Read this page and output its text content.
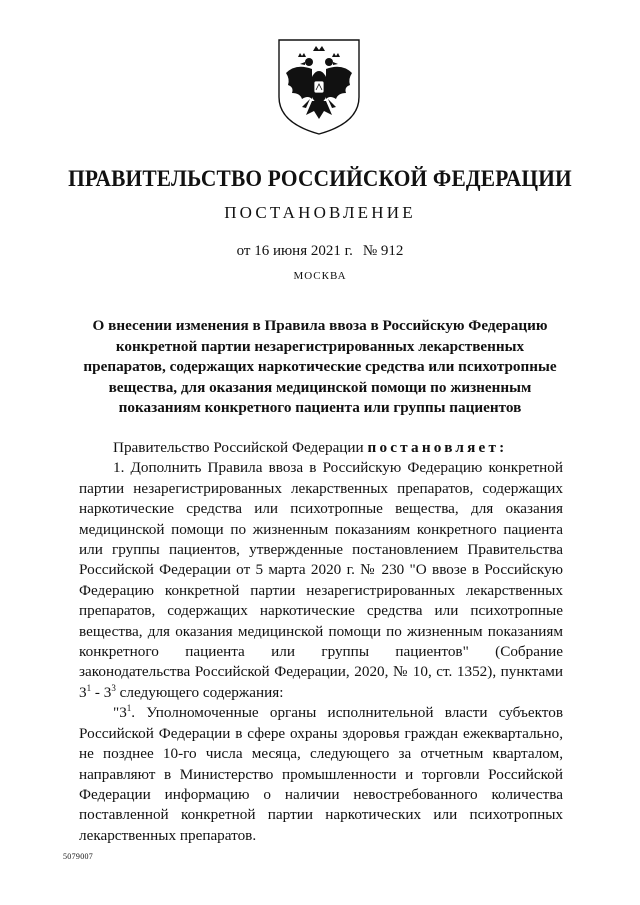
ПРАВИТЕЛЬСТВО РОССИЙСКОЙ ФЕДЕРАЦИИ
ПОСТАНОВЛЕНИЕ
от 16 июня 2021 г. № 912
МОСКВА
О внесении изменения в Правила ввоза в Российскую Федерацию конкретной партии незарегистрированных лекарственных препаратов, содержащих наркотические средства или психотропные вещества, для оказания медицинской помощи по жизненным показаниям конкретного пациента или группы пациентов

Правительство Российской Федерации постановляет:

1. Дополнить Правила ввоза в Российскую Федерацию конкретной партии незарегистрированных лекарственных препаратов, содержащих наркотические средства или психотропные вещества, для оказания медицинской помощи по жизненным показаниям конкретного пациента или группы пациентов, утвержденные постановлением Правительства Российской Федерации от 5 марта 2020 г. № 230 "О ввозе в Российскую Федерацию конкретной партии незарегистрированных лекарственных препаратов, содержащих наркотические средства или психотропные вещества, для оказания медицинской помощи по жизненным показаниям конкретного пациента или группы пациентов" (Собрание законодательства Российской Федерации, 2020, № 10, ст. 1352), пунктами $3^1 - 3^3$ следующего содержания:

"$3^1$. Уполномоченные органы исполнительной власти субъектов Российской Федерации в сфере охраны здоровья граждан ежеквартально, не позднее 10-го числа месяца, следующего за отчетным кварталом, направляют в Министерство промышленности и торговли Российской Федерации информацию о наличии невостребованного количества поставленной конкретной партии наркотических или психотропных лекарственных препаратов.

5079007
